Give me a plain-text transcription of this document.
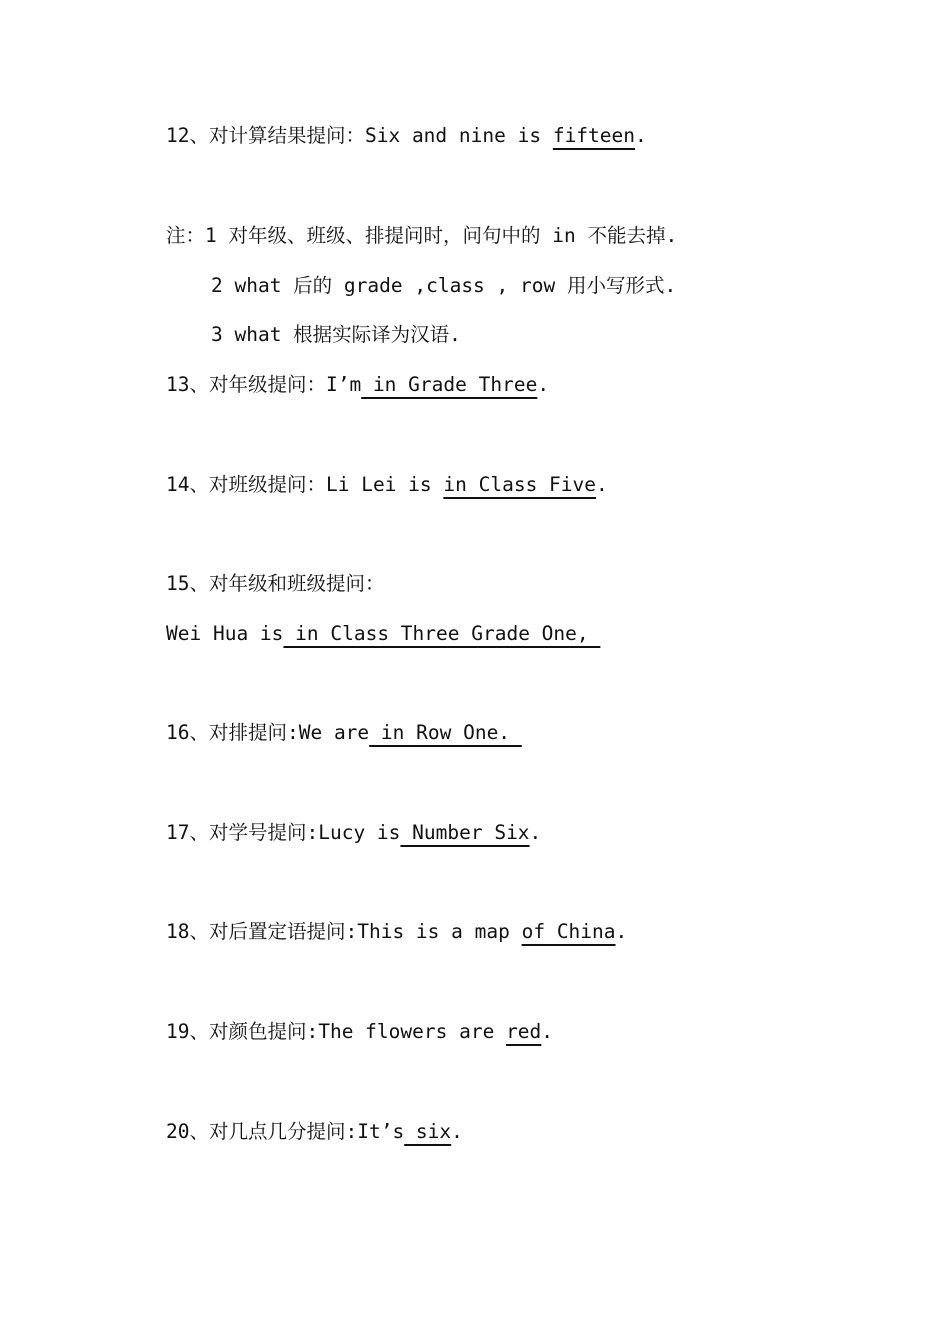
12、对计算结果提问：Six and nine is fifteen.
注：1 对年级、班级、排提问时，问句中的 in 不能去掉.
2 what 后的 grade ,class , row 用小写形式.
3 what 根据实际译为汉语.
13、对年级提问：I’m in Grade Three.
14、对班级提问：Li Lei is in Class Five.
15、对年级和班级提问：
Wei Hua is in Class Three Grade One,
16、对排提问:We are in Row One.
17、对学号提问:Lucy is Number Six.
18、对后置定语提问:This is a map of China.
19、对颜色提问:The flowers are red.
20、对几点几分提问:It’s six.
